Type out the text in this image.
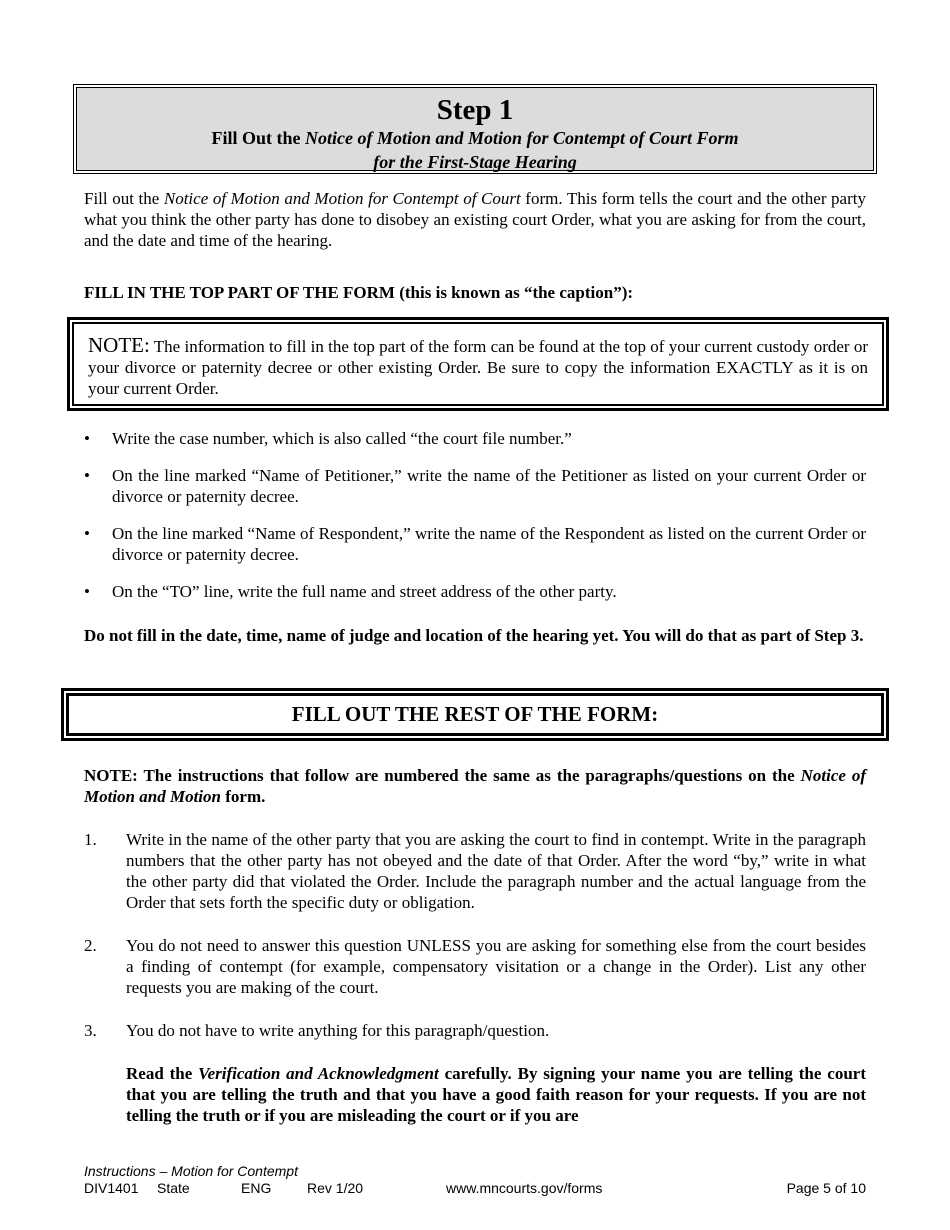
Step 1
Fill Out the Notice of Motion and Motion for Contempt of Court Form
for the First-Stage Hearing

Fill out the Notice of Motion and Motion for Contempt of Court form. This form tells the court and the other party what you think the other party has done to disobey an existing court Order, what you are asking for from the court, and the date and time of the hearing.

FILL IN THE TOP PART OF THE FORM (this is known as “the caption”):

NOTE: The information to fill in the top part of the form can be found at the top of your current custody order or your divorce or paternity decree or other existing Order. Be sure to copy the information EXACTLY as it is on your current Order.
• Write the case number, which is also called “the court file number.”
• On the line marked “Name of Petitioner,” write the name of the Petitioner as listed on your current Order or divorce or paternity decree.
• On the line marked “Name of Respondent,” write the name of the Respondent as listed on the current Order or divorce or paternity decree.
• On the “TO” line, write the full name and street address of the other party.

Do not fill in the date, time, name of judge and location of the hearing yet. You will do that as part of Step 3.

FILL OUT THE REST OF THE FORM:

NOTE: The instructions that follow are numbered the same as the paragraphs/questions on the Notice of Motion and Motion form.

1. Write in the name of the other party that you are asking the court to find in contempt. Write in the paragraph numbers that the other party has not obeyed and the date of that Order. After the word “by,” write in what the other party did that violated the Order. Include the paragraph number and the actual language from the Order that sets forth the specific duty or obligation.
2. You do not need to answer this question UNLESS you are asking for something else from the court besides a finding of contempt (for example, compensatory visitation or a change in the Order). List any other requests you are making of the court.
3. You do not have to write anything for this paragraph/question.

Read the Verification and Acknowledgment carefully. By signing your name you are telling the court that you are telling the truth and that you have a good faith reason for your requests. If you are not telling the truth or if you are misleading the court or if you are

Instructions – Motion for Contempt
DIV1401 State	ENG	Rev 1/20	www.mncourts.gov/forms	Page 5 of 10
